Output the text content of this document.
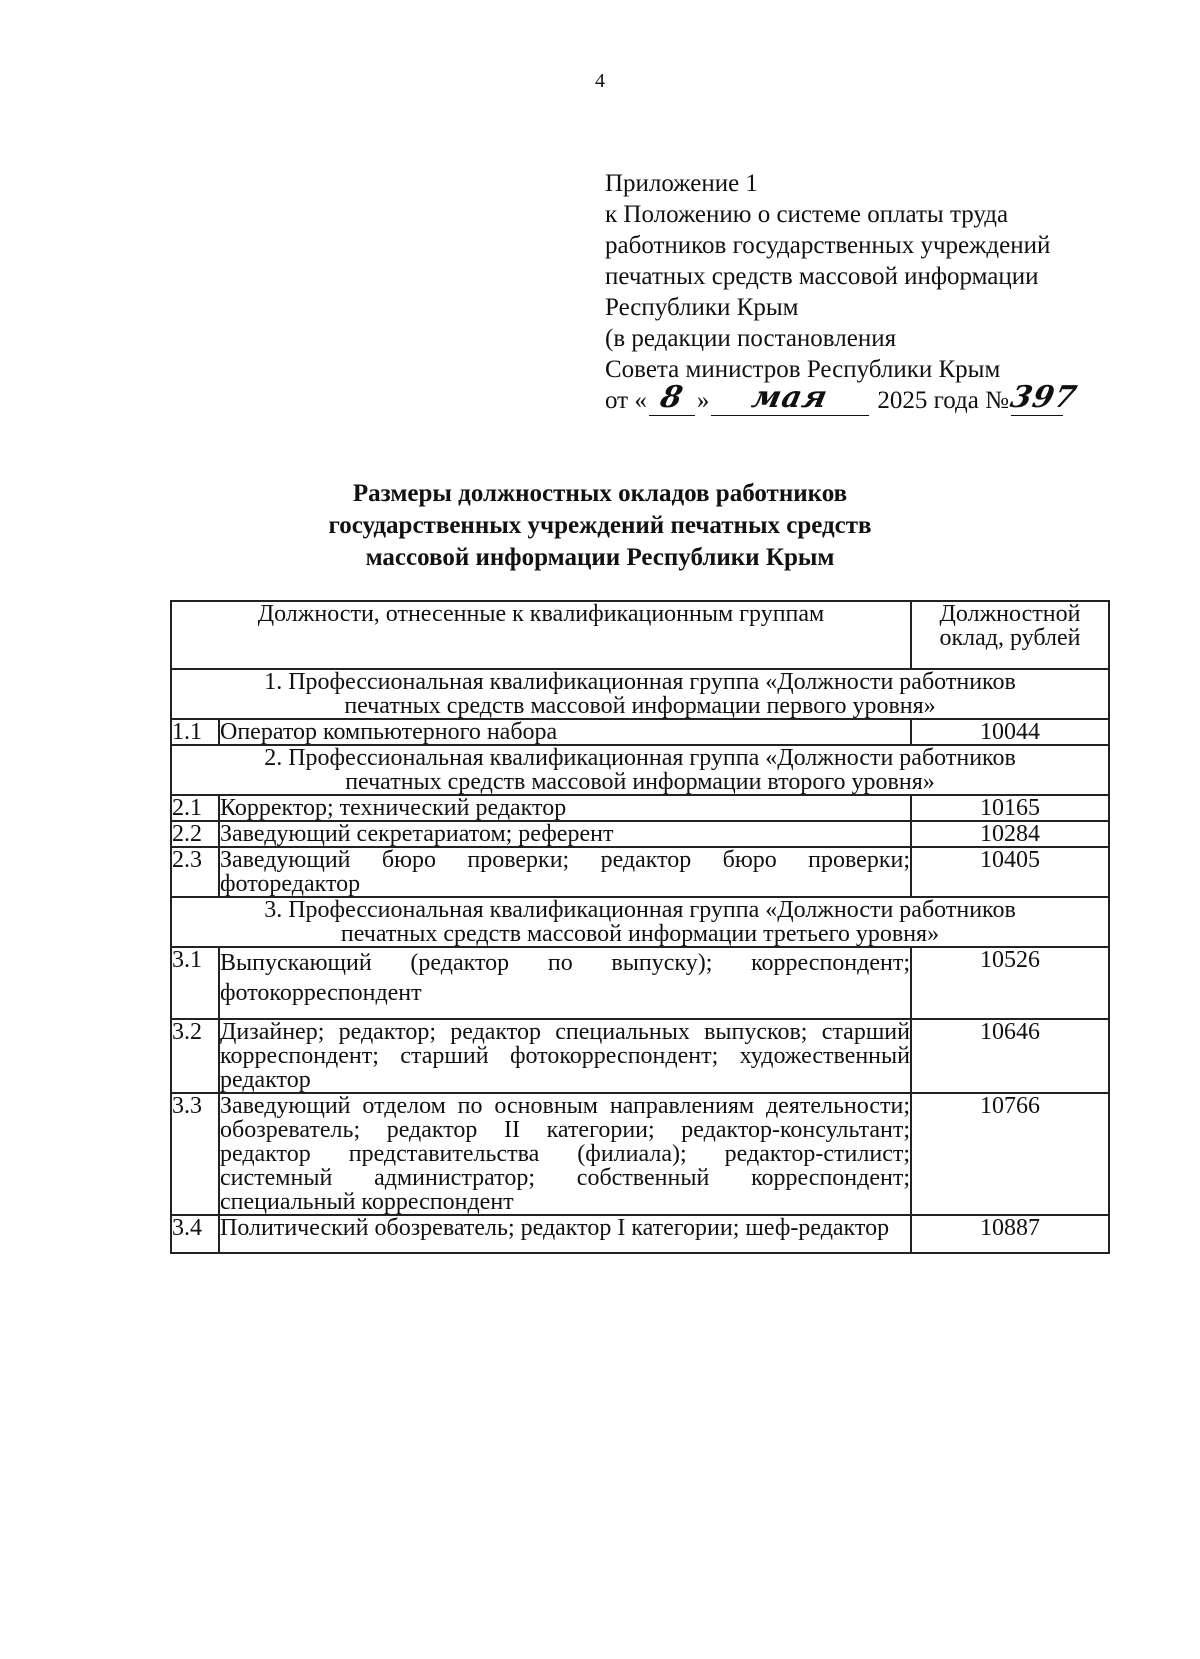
4
Приложение 1
к Положению о системе оплаты труда
работников государственных учреждений
печатных средств массовой информации
Республики Крым
(в редакции постановления
Совета министров Республики Крым
от « 8 »	мая	2025 года №
397
Размеры должностных окладов работников
государственных учреждений печатных средств
массовой информации Республики Крым
Должности, отнесенные к квалификационным группам		Должностной
оклад, рублей

1. Профессиональная квалификационная группа «Должности работников
печатных средств массовой информации первого уровня»		

1.1	Оператор компьютерного набора	10044

2. Профессиональная квалификационная группа «Должности работников
печатных средств массовой информации второго уровня»		

2.1	Корректор; технический редактор	10165
2.2	Заведующий секретариатом; референт	10284
2.3	Заведующий бюро проверки; редактор бюро проверки; фоторедактор	10405

3. Профессиональная квалификационная группа «Должности работников
печатных средств массовой информации третьего уровня»		

3.1	Выпускающий (редактор по выпуску); корреспондент; фотокорреспондент	10526
3.2	Дизайнер; редактор; редактор специальных выпусков; старший корреспондент; старший фотокорреспондент; художественный редактор	10646
3.3	Заведующий отделом по основным направлениям деятельности; обозреватель; редактор II категории; редактор-консультант; редактор представительства (филиала); редактор-стилист; системный администратор; собственный корреспондент; специальный корреспондент	10766
3.4	Политический обозреватель; редактор I категории; шеф-редактор	10887
